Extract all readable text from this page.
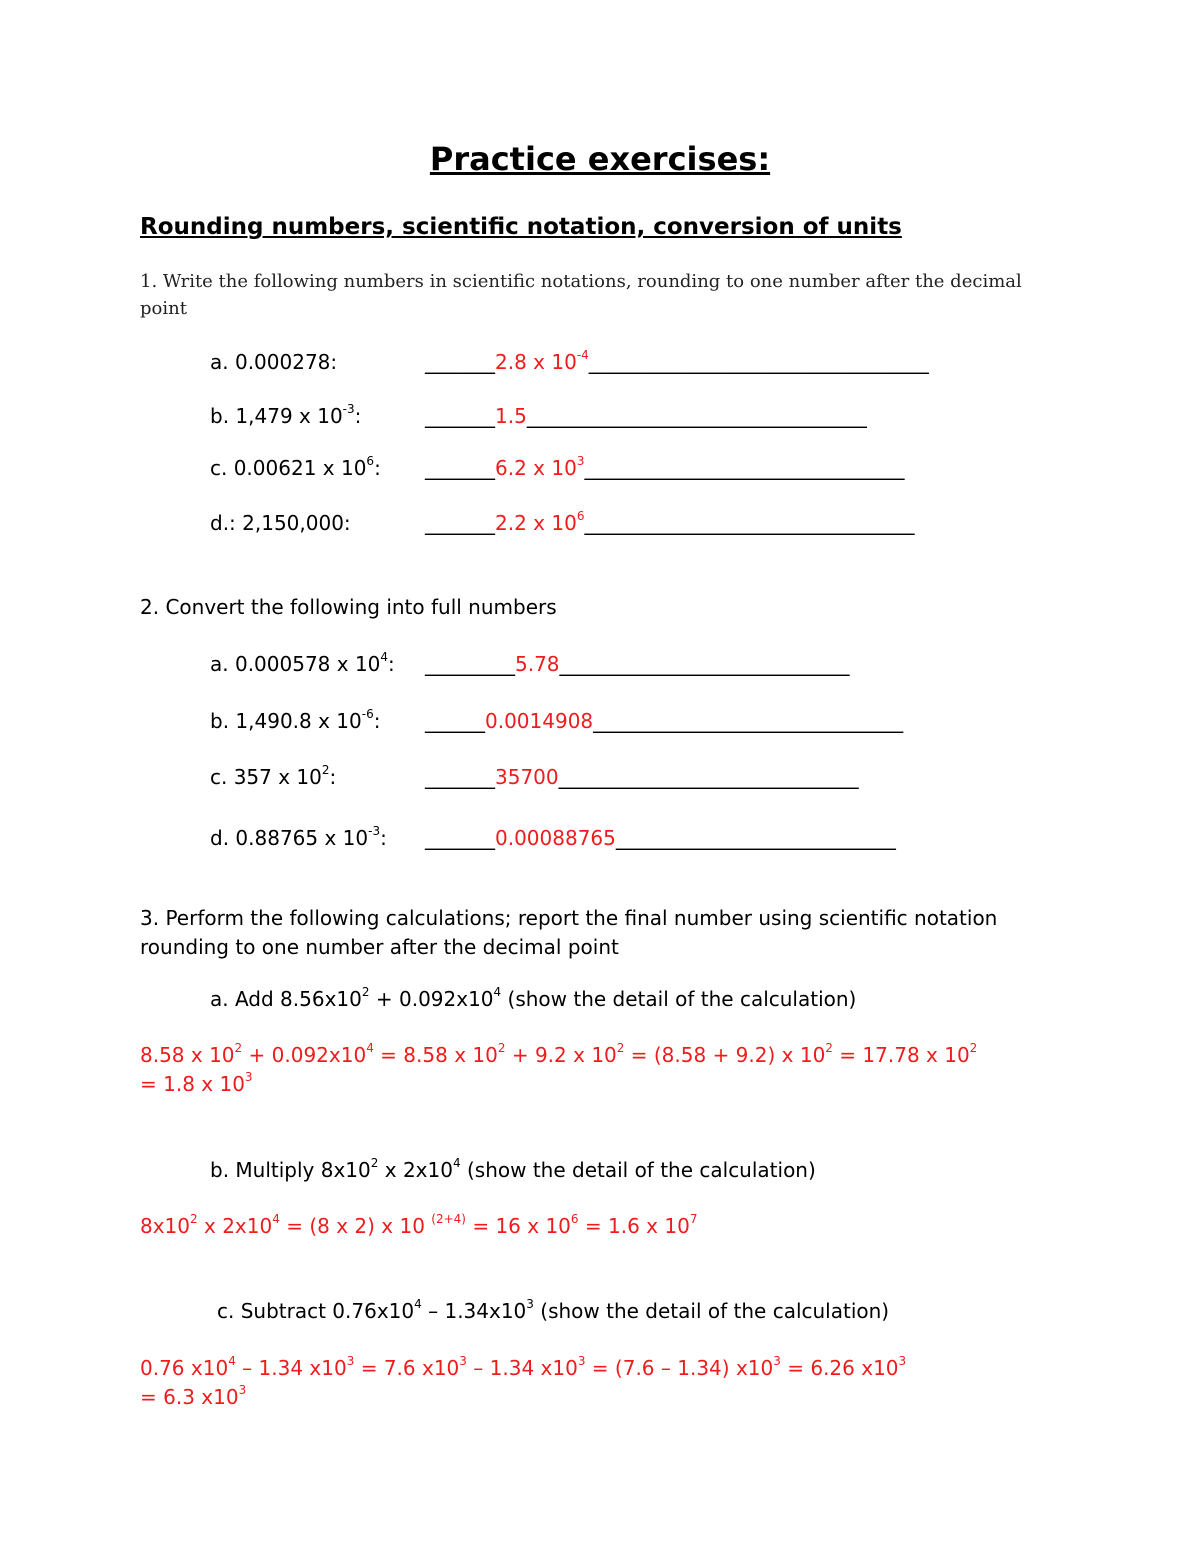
Practice exercises:
Rounding numbers, scientific notation, conversion of units
1. Write the following numbers in scientific notations, rounding to one number after the decimal
point
a. 0.000278:	_______2.8 x $10^{-4}\_\_\_\_\_\_\_\_\_\_\_\_\_\_\_\_\_\_\_\_\_\_\_\_\_\_\_\_\_\_\_\_\_\_$
b. 1,479 x $10^{-3}$:	_______1.5__________________________________
c. 0.00621 x $10^6$: _______6.2 x $10^3\_\_\_\_\_\_\_\_\_\_\_\_\_\_\_\_\_\_\_\_\_\_\_\_\_\_\_\_\_\_\_\_$
d.: 2,150,000:	_______2.2 x $10^6\_\_\_\_\_\_\_\_\_\_\_\_\_\_\_\_\_\_\_\_\_\_\_\_\_\_\_\_\_\_\_\_\_$
2. Convert the following into full numbers
a. 0.000578 x $10^4$: _________5.78_____________________________
b. 1,490.8 x $10^{-6}$: ______0.0014908_______________________________
c. 357 x $10^2$:	_______35700______________________________
d. 0.88765 x $10^{-3}$: _______0.00088765____________________________
3. Perform the following calculations; report the final number using scientific notation
rounding to one number after the decimal point
a. Add $8.56x10^2 + 0.092x10^4$ (show the detail of the calculation)
8.58 x $10^2 + 0.092x10^4 = 8.58$ x $10^2 + 9.2$ x $10^2 = (8.58 + 9.2)$ x $10^2 = 17.78$ x $10^2$
= 1.8 x $10^3$
b. Multiply $8x10^2$ x $2x10^4$ (show the detail of the calculation)
$8x10^2$ x $2x10^4 = (8$ x 2) x 10 $^{(2+4)}$ = 16 x $10^6 = 1.6$ x $10^7$
c. Subtract $0.76x10^4 - 1.34x10^3$ (show the detail of the calculation)
0.76 $x10^4 - 1.34$ $x10^3 = 7.6$ $x10^3 - 1.34$ $x10^3 = (7.6 - 1.34) x10^3 = 6.26$ $x10^3$
= 6.3 $x10^3$
